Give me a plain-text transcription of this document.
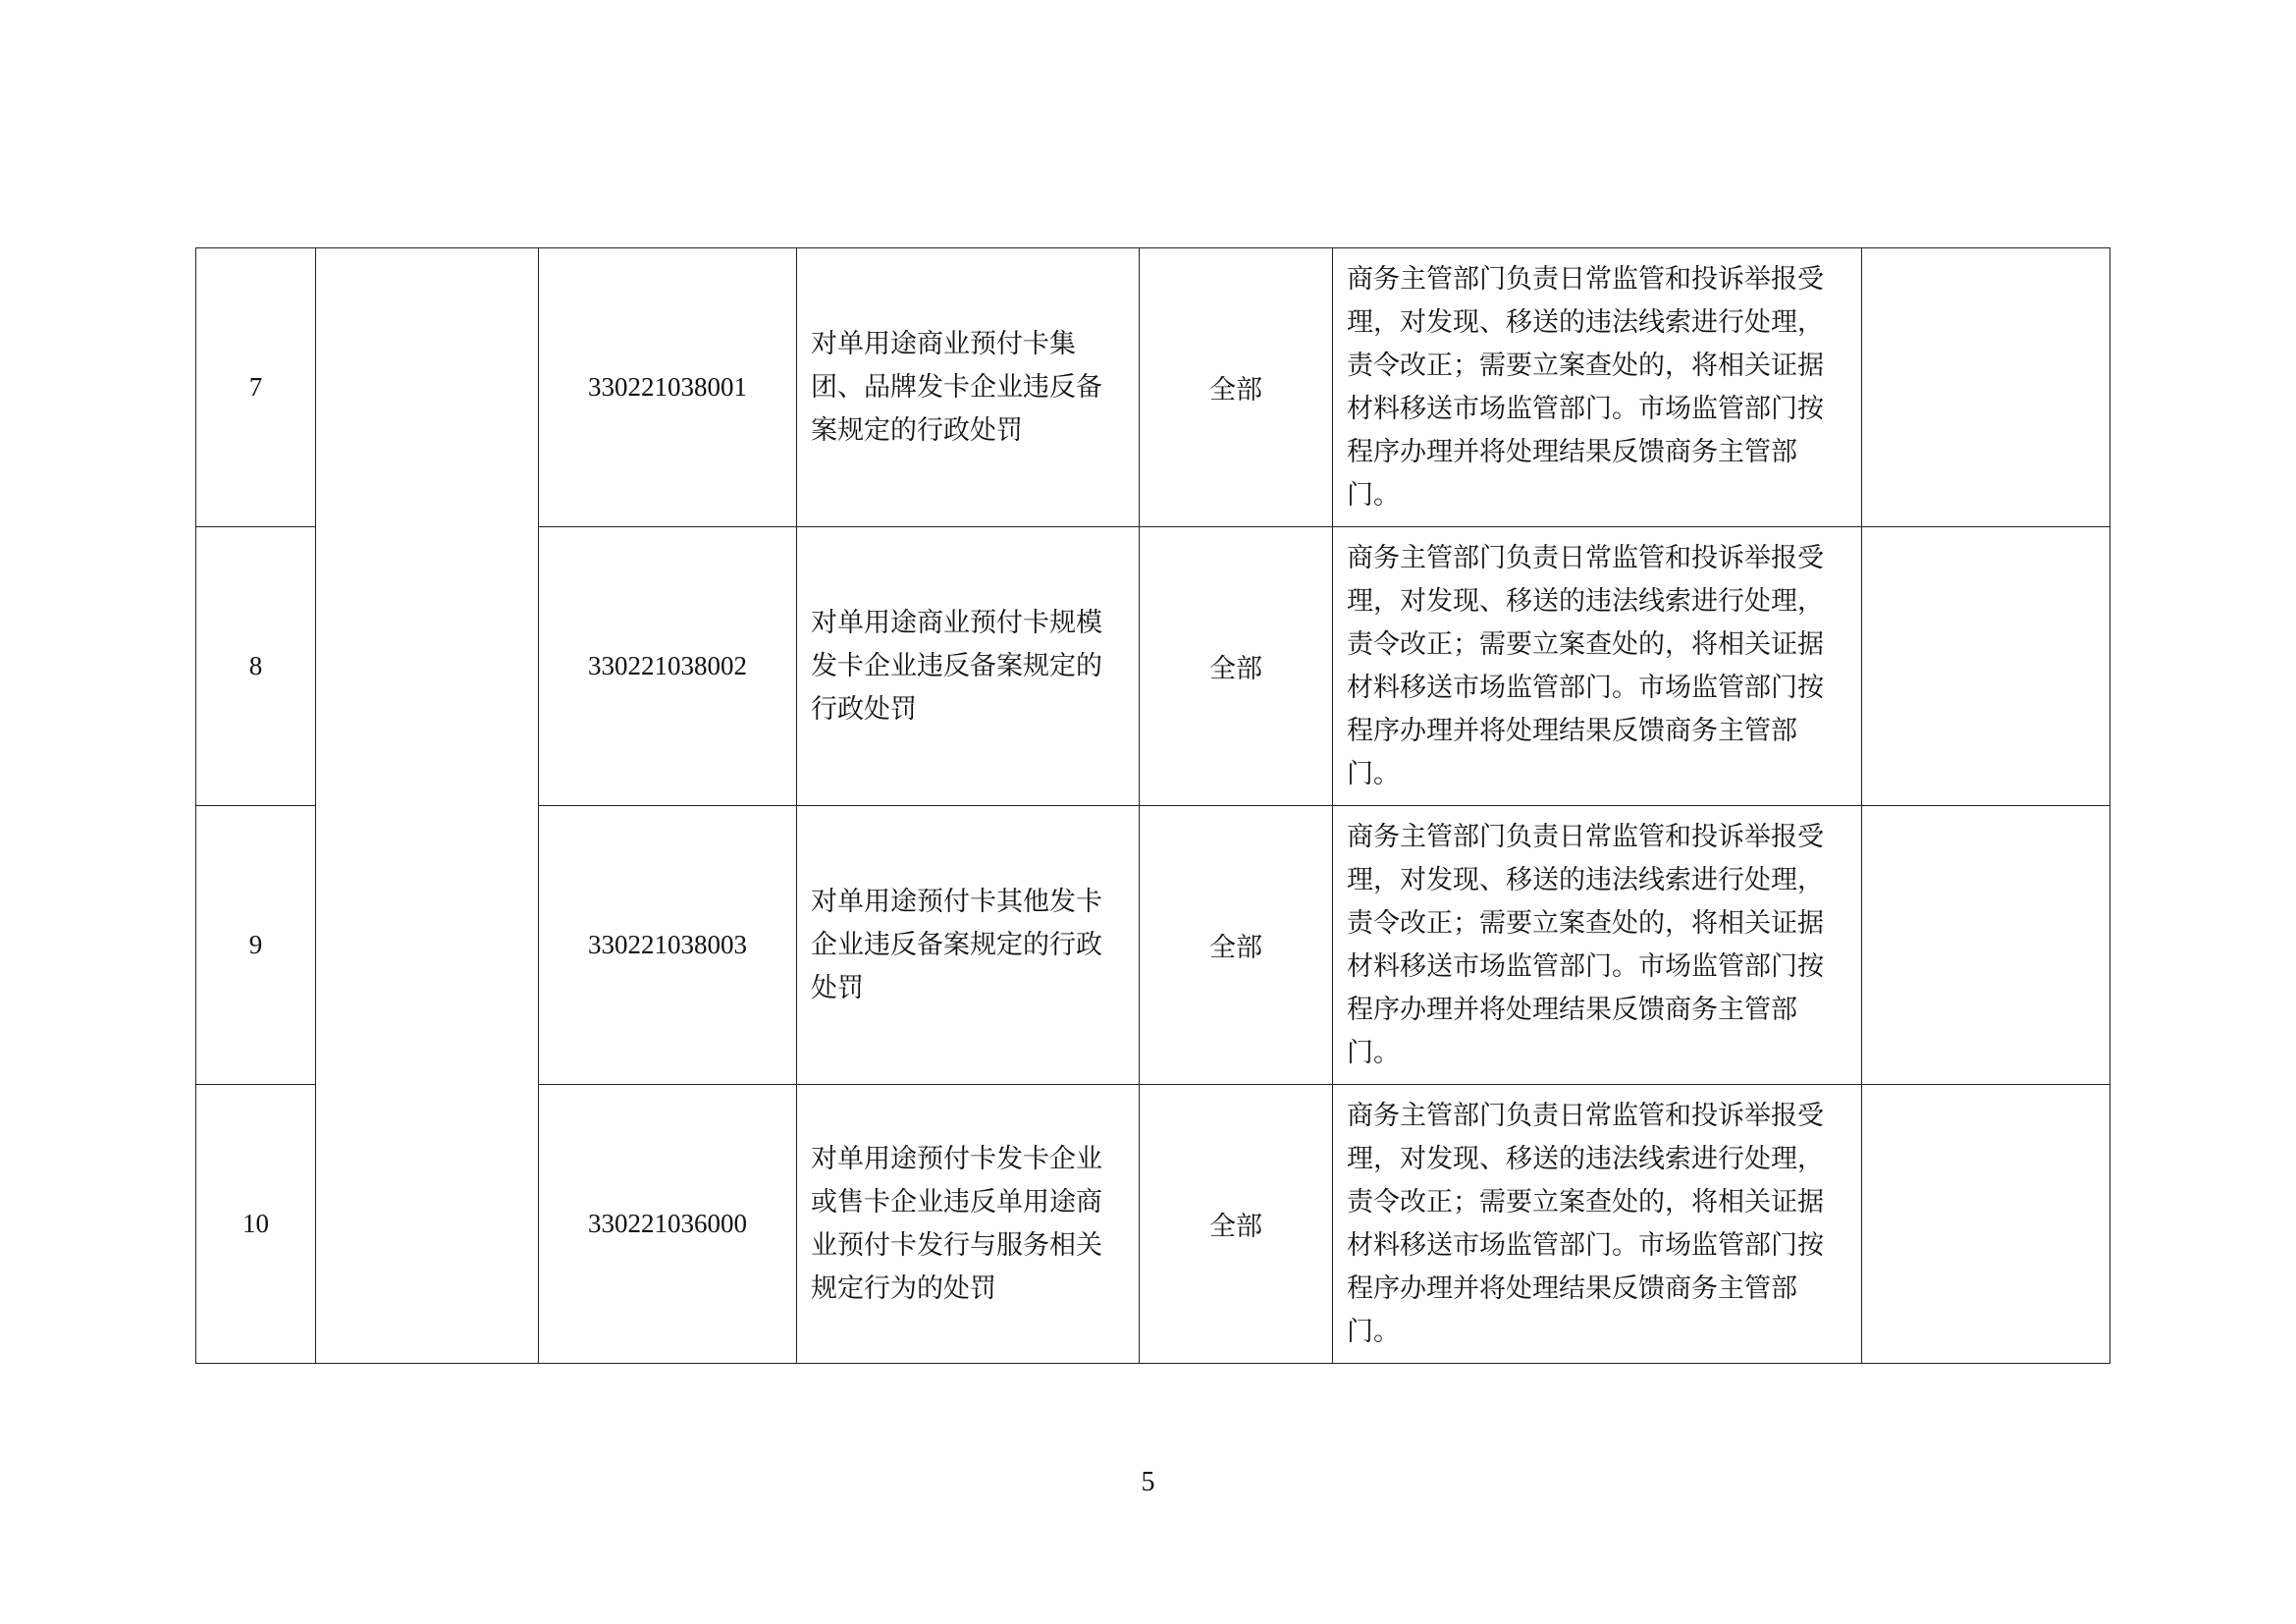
7		330221038001	对单用途商业预付卡集团、品牌发卡企业违反备案规定的行政处罚	全部	商务主管部门负责日常监管和投诉举报受理，对发现、移送的违法线索进行处理，责令改正；需要立案查处的，将相关证据材料移送市场监管部门。市场监管部门按程序办理并将处理结果反馈商务主管部门。	
8		330221038002	对单用途商业预付卡规模发卡企业违反备案规定的行政处罚	全部	商务主管部门负责日常监管和投诉举报受理，对发现、移送的违法线索进行处理，责令改正；需要立案查处的，将相关证据材料移送市场监管部门。市场监管部门按程序办理并将处理结果反馈商务主管部门。	
9		330221038003	对单用途预付卡其他发卡企业违反备案规定的行政处罚	全部	商务主管部门负责日常监管和投诉举报受理，对发现、移送的违法线索进行处理，责令改正；需要立案查处的，将相关证据材料移送市场监管部门。市场监管部门按程序办理并将处理结果反馈商务主管部门。	
10		330221036000	对单用途预付卡发卡企业或售卡企业违反单用途商业预付卡发行与服务相关规定行为的处罚	全部	商务主管部门负责日常监管和投诉举报受理，对发现、移送的违法线索进行处理，责令改正；需要立案查处的，将相关证据材料移送市场监管部门。市场监管部门按程序办理并将处理结果反馈商务主管部门。	
5
